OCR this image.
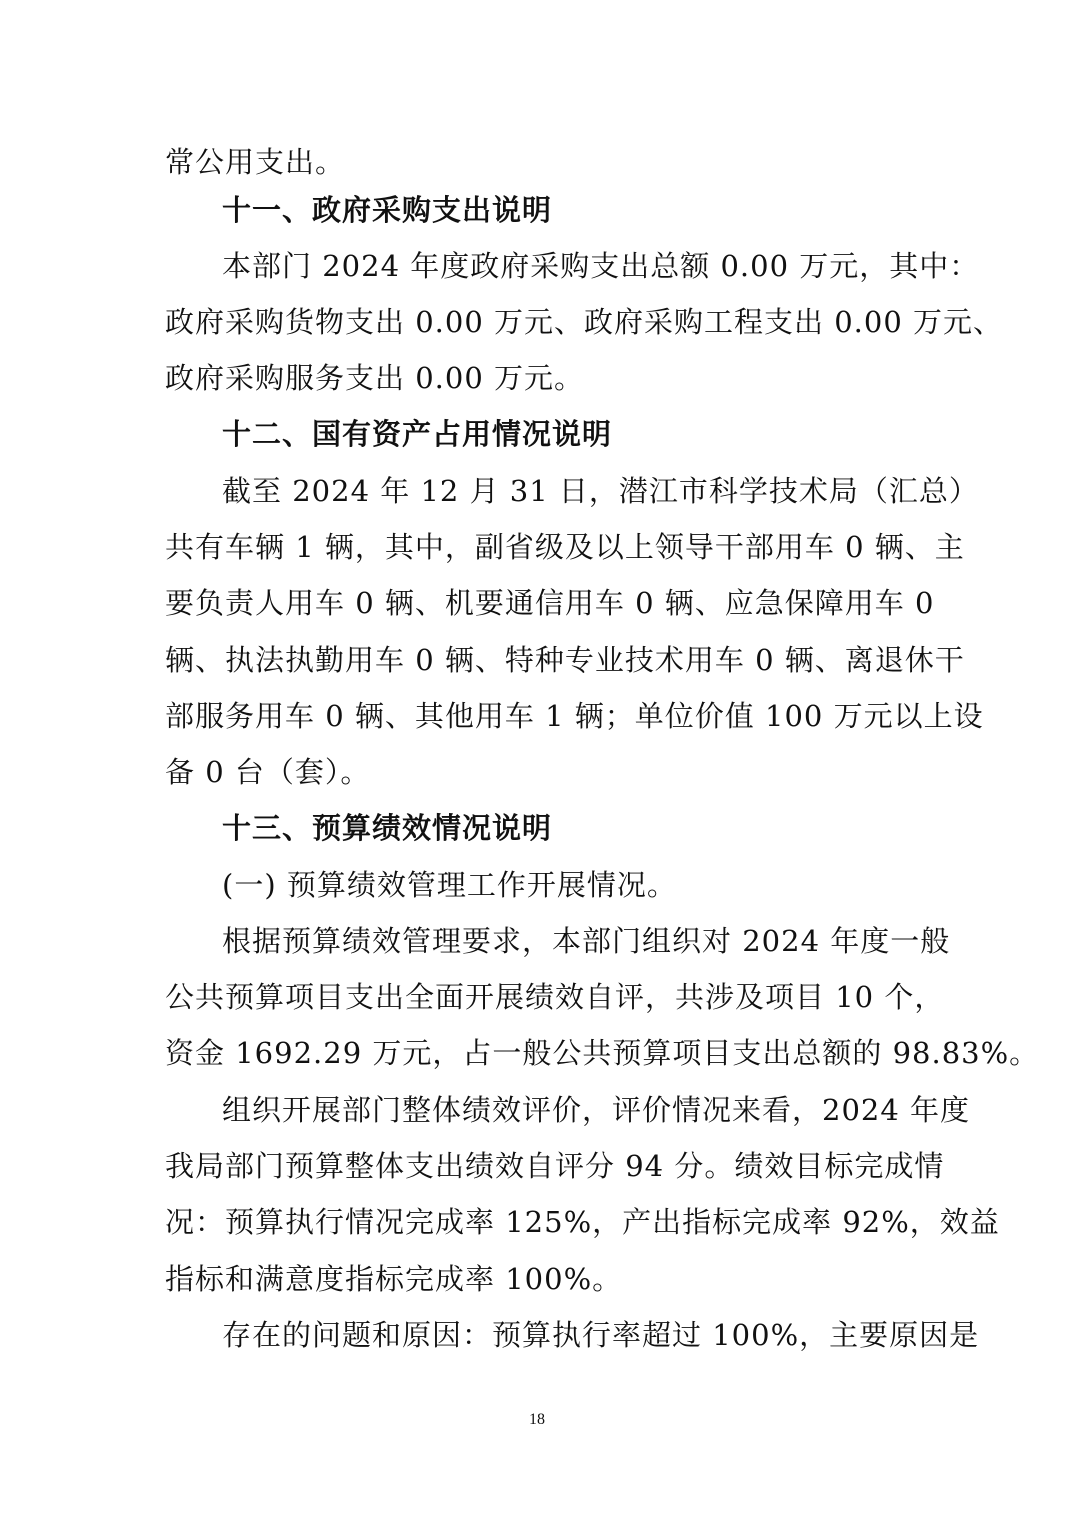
常公用支出。
十一、政府采购支出说明
本部门 2024 年度政府采购支出总额 0.00 万元，其中：
政府采购货物支出 0.00 万元、政府采购工程支出 0.00 万元、
政府采购服务支出 0.00 万元。
十二、国有资产占用情况说明
截至 2024 年 12 月 31 日，潜江市科学技术局（汇总）
共有车辆 1 辆，其中，副省级及以上领导干部用车 0 辆、主
要负责人用车 0 辆、机要通信用车 0 辆、应急保障用车 0
辆、执法执勤用车 0 辆、特种专业技术用车 0 辆、离退休干
部服务用车 0 辆、其他用车 1 辆；单位价值 100 万元以上设
备 0 台（套）。
十三、预算绩效情况说明
(一) 预算绩效管理工作开展情况。
根据预算绩效管理要求，本部门组织对 2024 年度一般
公共预算项目支出全面开展绩效自评，共涉及项目 10 个，
资金 1692.29 万元，占一般公共预算项目支出总额的 98.83%。
组织开展部门整体绩效评价，评价情况来看，2024 年度
我局部门预算整体支出绩效自评分 94 分。绩效目标完成情
况：预算执行情况完成率 125%，产出指标完成率 92%，效益
指标和满意度指标完成率 100%。
存在的问题和原因：预算执行率超过 100%，主要原因是
18
